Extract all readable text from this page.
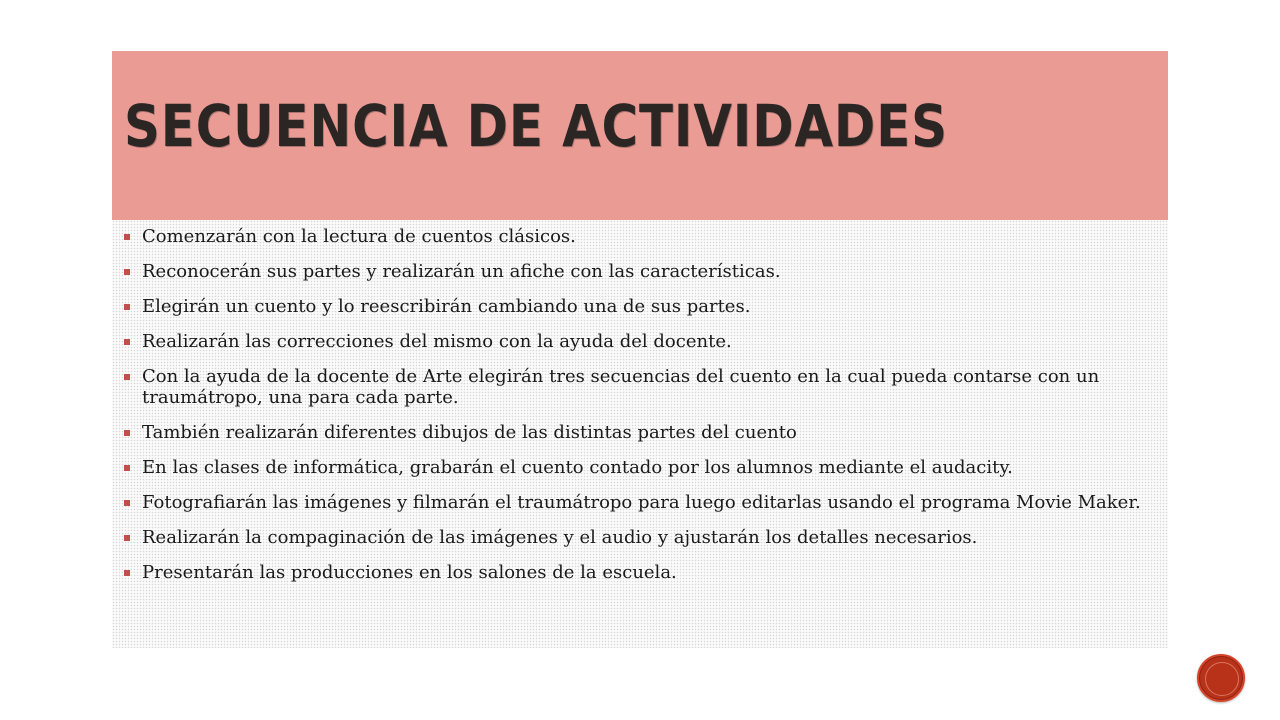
SECUENCIA DE ACTIVIDADES
Comenzarán con la lectura de cuentos clásicos.
Reconocerán sus partes y realizarán un afiche con las características.
Elegirán un cuento y lo reescribirán cambiando una de sus partes.
Realizarán las correcciones del mismo con la ayuda del docente.
Con la ayuda de la docente de Arte elegirán tres secuencias del cuento en la cual pueda contarse con un traumátropo, una para cada parte.
También realizarán diferentes dibujos de las distintas partes del cuento
En las clases de informática, grabarán el cuento contado por los alumnos mediante el audacity.
Fotografiarán las imágenes y filmarán el traumátropo para luego editarlas usando el programa Movie Maker.
Realizarán la compaginación de las imágenes y el audio y ajustarán los detalles necesarios.
Presentarán las producciones en los salones de la escuela.
